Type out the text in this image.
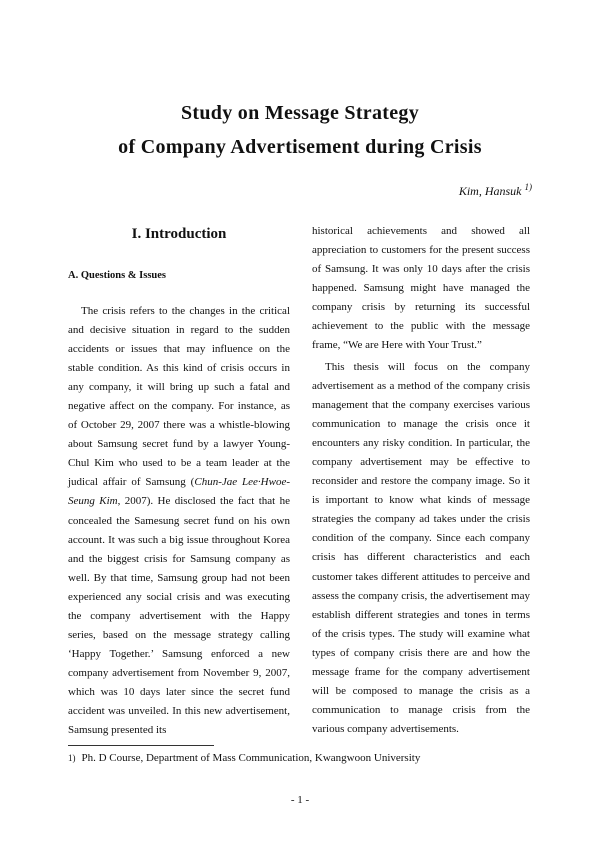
Study on Message Strategy
of Company Advertisement during Crisis
Kim, Hansuk $^{1)}$
I. Introduction
A. Questions & Issues

The crisis refers to the changes in the critical and decisive situation in regard to the sudden accidents or issues that may influence on the stable condition. As this kind of crisis occurs in any company, it will bring up such a fatal and negative affect on the company. For instance, as of October 29, 2007 there was a whistle-blowing about Samsung secret fund by a lawyer Young-Chul Kim who used to be a team leader at the judical affair of Samsung (Chun-Jae Lee·Hwoe-Seung Kim, 2007). He disclosed the fact that he concealed the Samesung secret fund on his own account. It was such a big issue throughout Korea and the biggest crisis for Samsung company as well. By that time, Samsung group had not been experienced any social crisis and was executing the company advertisement with the Happy series, based on the message strategy calling ‘Happy Together.’ Samsung enforced a new company advertisement from November 9, 2007, which was 10 days later since the secret fund accident was unveiled. In this new advertisement, Samsung presented its

historical achievements and showed all appreciation to customers for the present success of Samsung. It was only 10 days after the crisis happened. Samsung might have managed the company crisis by returning its successful achievement to the public with the message frame, “We are Here with Your Trust.”

This thesis will focus on the company advertisement as a method of the company crisis management that the company exercises various communication to manage the crisis once it encounters any risky condition. In particular, the company advertisement may be effective to reconsider and restore the company image. So it is important to know what kinds of message strategies the company ad takes under the crisis condition of the company. Since each company crisis has different characteristics and each customer takes different attitudes to perceive and assess the company crisis, the advertisement may establish different strategies and tones in terms of the crisis types. The study will examine what types of company crisis there are and how the message frame for the company advertisement will be composed to manage the crisis as a communication to manage crisis from the various company advertisements.

1) Ph. D Course, Department of Mass Communication, Kwangwoon University
- 1 -
